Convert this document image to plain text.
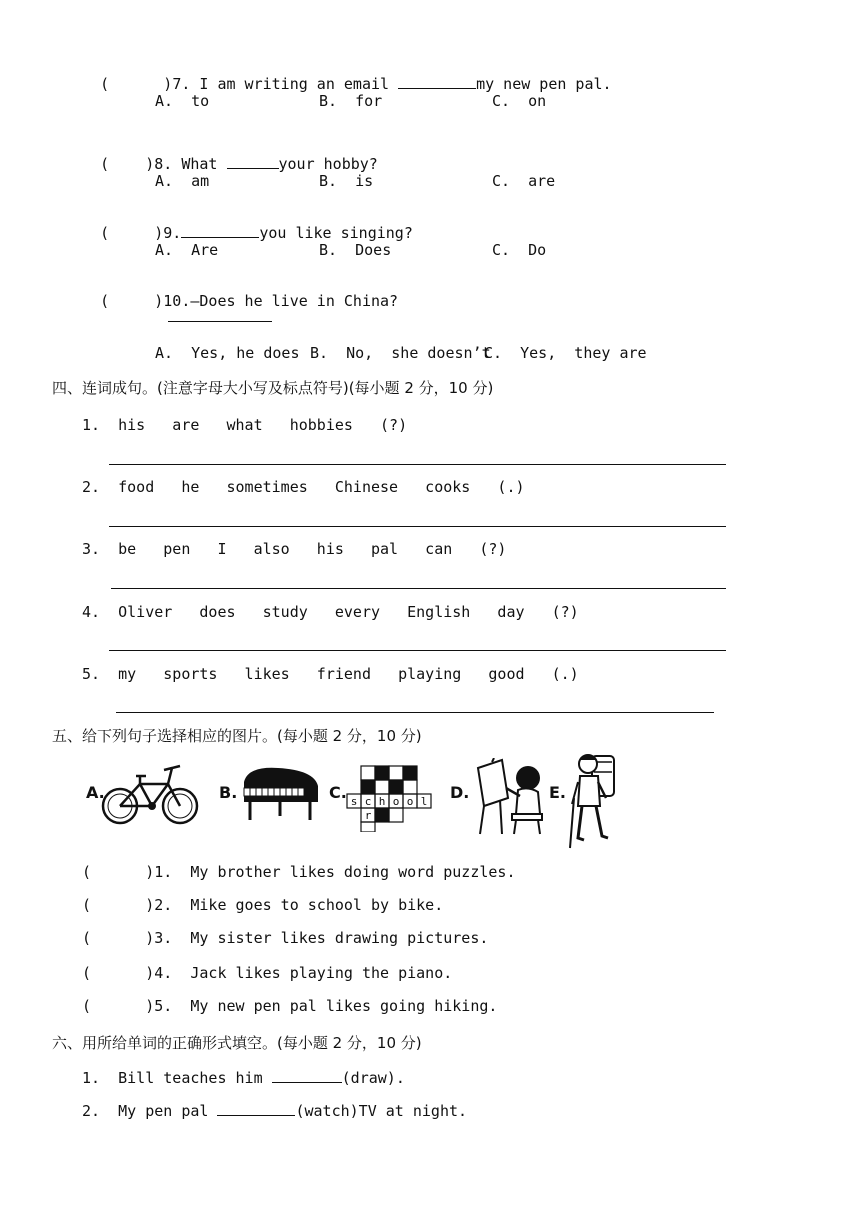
(      )7. I am writing an email	my new pen pal.

A.  to	B.  for	C.  on

(    )8. What	your hobby?

A.  am	B.  is	C.  are

(     )9.	you like singing?

A.  Are	B.  Does	C.  Do

(     )10.—Does he live in China?

A.  Yes, he does B.  No,  she doesn’t
C.  Yes,  they are
四、连词成句。(注意字母大小写及标点符号)(每小题 2 分，10 分)
1.  his   are   what   hobbies   (?)
2.  food   he   sometimes   Chinese   cooks   (.)
3.  be   pen   I   also   his   pal   can   (?)
4.  Oliver   does   study   every   English   day   (?)
5.  my   sports   likes   friend   playing   good   (.)
五、给下列句子选择相应的图片。(每小题 2 分，10 分)
A.	B.	C. s c h o o l
r
D.	E.
(      )1.  My brother likes doing word puzzles.
(      )2.  Mike goes to school by bike.
(      )3.  My sister likes drawing pictures.
(      )4.  Jack likes playing the piano.
(      )5.  My new pen pal likes going hiking.
六、用所给单词的正确形式填空。(每小题 2 分，10 分)
1.  Bill teaches him	(draw).
2.  My pen pal	(watch)TV at night.
